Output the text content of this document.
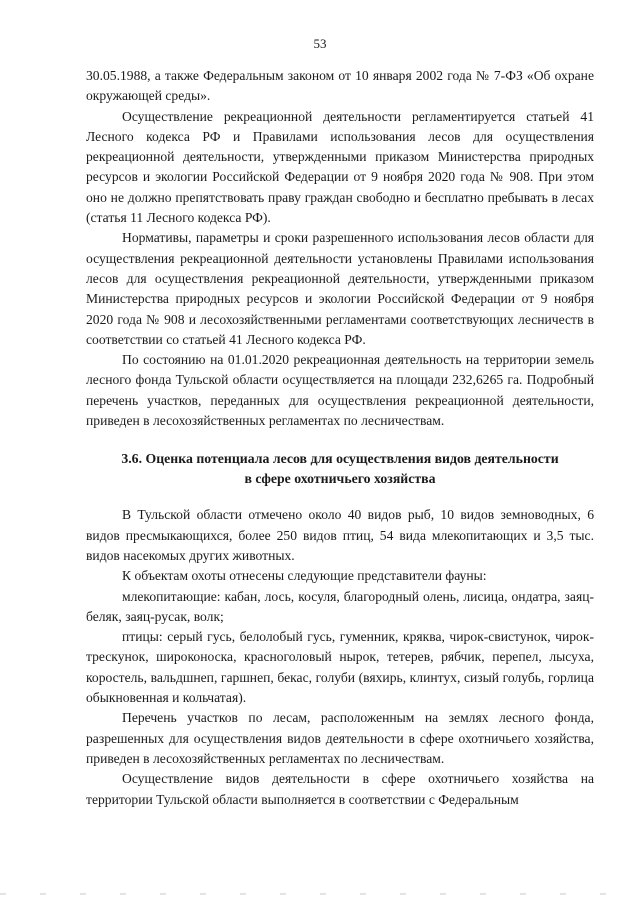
53

30.05.1988, а также Федеральным законом от 10 января 2002 года № 7-ФЗ «Об охране окружающей среды».

Осуществление рекреационной деятельности регламентируется статьей 41 Лесного кодекса РФ и Правилами использования лесов для осуществления рекреационной деятельности, утвержденными приказом Министерства природных ресурсов и экологии Российской Федерации от 9 ноября 2020 года № 908. При этом оно не должно препятствовать праву граждан свободно и бесплатно пребывать в лесах (статья 11 Лесного кодекса РФ).

Нормативы, параметры и сроки разрешенного использования лесов области для осуществления рекреационной деятельности установлены Правилами использования лесов для осуществления рекреационной деятельности, утвержденными приказом Министерства природных ресурсов и экологии Российской Федерации от 9 ноября 2020 года № 908 и лесохозяйственными регламентами соответствующих лесничеств в соответствии со статьей 41 Лесного кодекса РФ.

По состоянию на 01.01.2020 рекреационная деятельность на территории земель лесного фонда Тульской области осуществляется на площади 232,6265 га. Подробный перечень участков, переданных для осуществления рекреационной деятельности, приведен в лесохозяйственных регламентах по лесничествам.

3.6. Оценка потенциала лесов для осуществления видов деятельности

в сфере охотничьего хозяйства

В Тульской области отмечено около 40 видов рыб, 10 видов земноводных, 6 видов пресмыкающихся, более 250 видов птиц, 54 вида млекопитающих и 3,5 тыс. видов насекомых других животных.

К объектам охоты отнесены следующие представители фауны:

млекопитающие: кабан, лось, косуля, благородный олень, лисица, ондатра, заяц-беляк, заяц-русак, волк;

птицы: серый гусь, белолобый гусь, гуменник, кряква, чирок-свистунок, чирок-трескунок, широконоска, красноголовый нырок, тетерев, рябчик, перепел, лысуха, коростель, вальдшнеп, гаршнеп, бекас, голуби (вяхирь, клинтух, сизый голубь, горлица обыкновенная и кольчатая).

Перечень участков по лесам, расположенным на землях лесного фонда, разрешенных для осуществления видов деятельности в сфере охотничьего хозяйства, приведен в лесохозяйственных регламентах по лесничествам.

Осуществление видов деятельности в сфере охотничьего хозяйства на территории Тульской области выполняется в соответствии с Федеральным
